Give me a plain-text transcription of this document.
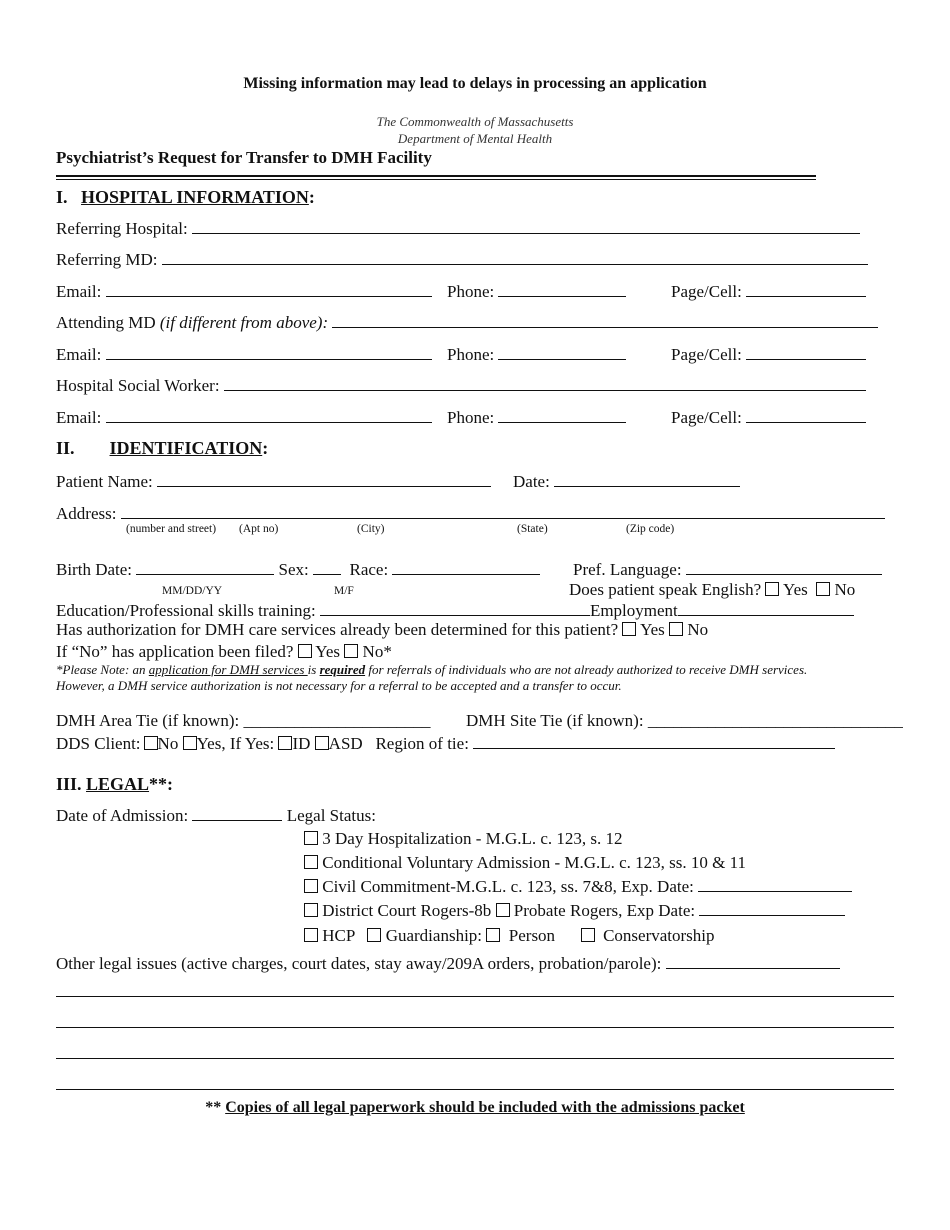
Missing information may lead to delays in processing an application
The Commonwealth of Massachusetts
Department of Mental Health
Psychiatrist’s Request for Transfer to DMH Facility
I. HOSPITAL INFORMATION:
Referring Hospital:
Referring MD:
Email:	Phone:	Page/Cell:
Attending MD (if different from above):
Email:	Phone:	Page/Cell:
Hospital Social Worker:
Email:	Phone:	Page/Cell:
II. IDENTIFICATION:
Patient Name:	Date:
Address:
(number and street) (Apt no)	(City)	(State)	(Zip code)
Birth Date:	Sex: Race:	Pref. Language:
MM/DD/YY	M/F	Does patient speak English? Yes No
Education/Professional skills training:	Employment
Has authorization for DMH care services already been determined for this patient? Yes No
If “No” has application been filed? Yes No*
*Please Note: an application for DMH services is required for referrals of individuals who are not already authorized to receive DMH services.
However, a DMH service authorization is not necessary for a referral to be accepted and a transfer to occur.
DMH Area Tie (if known): ______________________ DMH Site Tie (if known): ______________________________
DDS Client: No Yes, If Yes: ID ASD Region of tie:
III. LEGAL**:
Date of Admission:	Legal Status:
3 Day Hospitalization - M.G.L. c. 123, s. 12
Conditional Voluntary Admission - M.G.L. c. 123, ss. 10 & 11
Civil Commitment-M.G.L. c. 123, ss. 7&8, Exp. Date:
District Court Rogers-8b Probate Rogers, Exp Date:
HCP Guardianship: Person	Conservatorship
Other legal issues (active charges, court dates, stay away/209A orders, probation/parole):
** Copies of all legal paperwork should be included with the admissions packet
